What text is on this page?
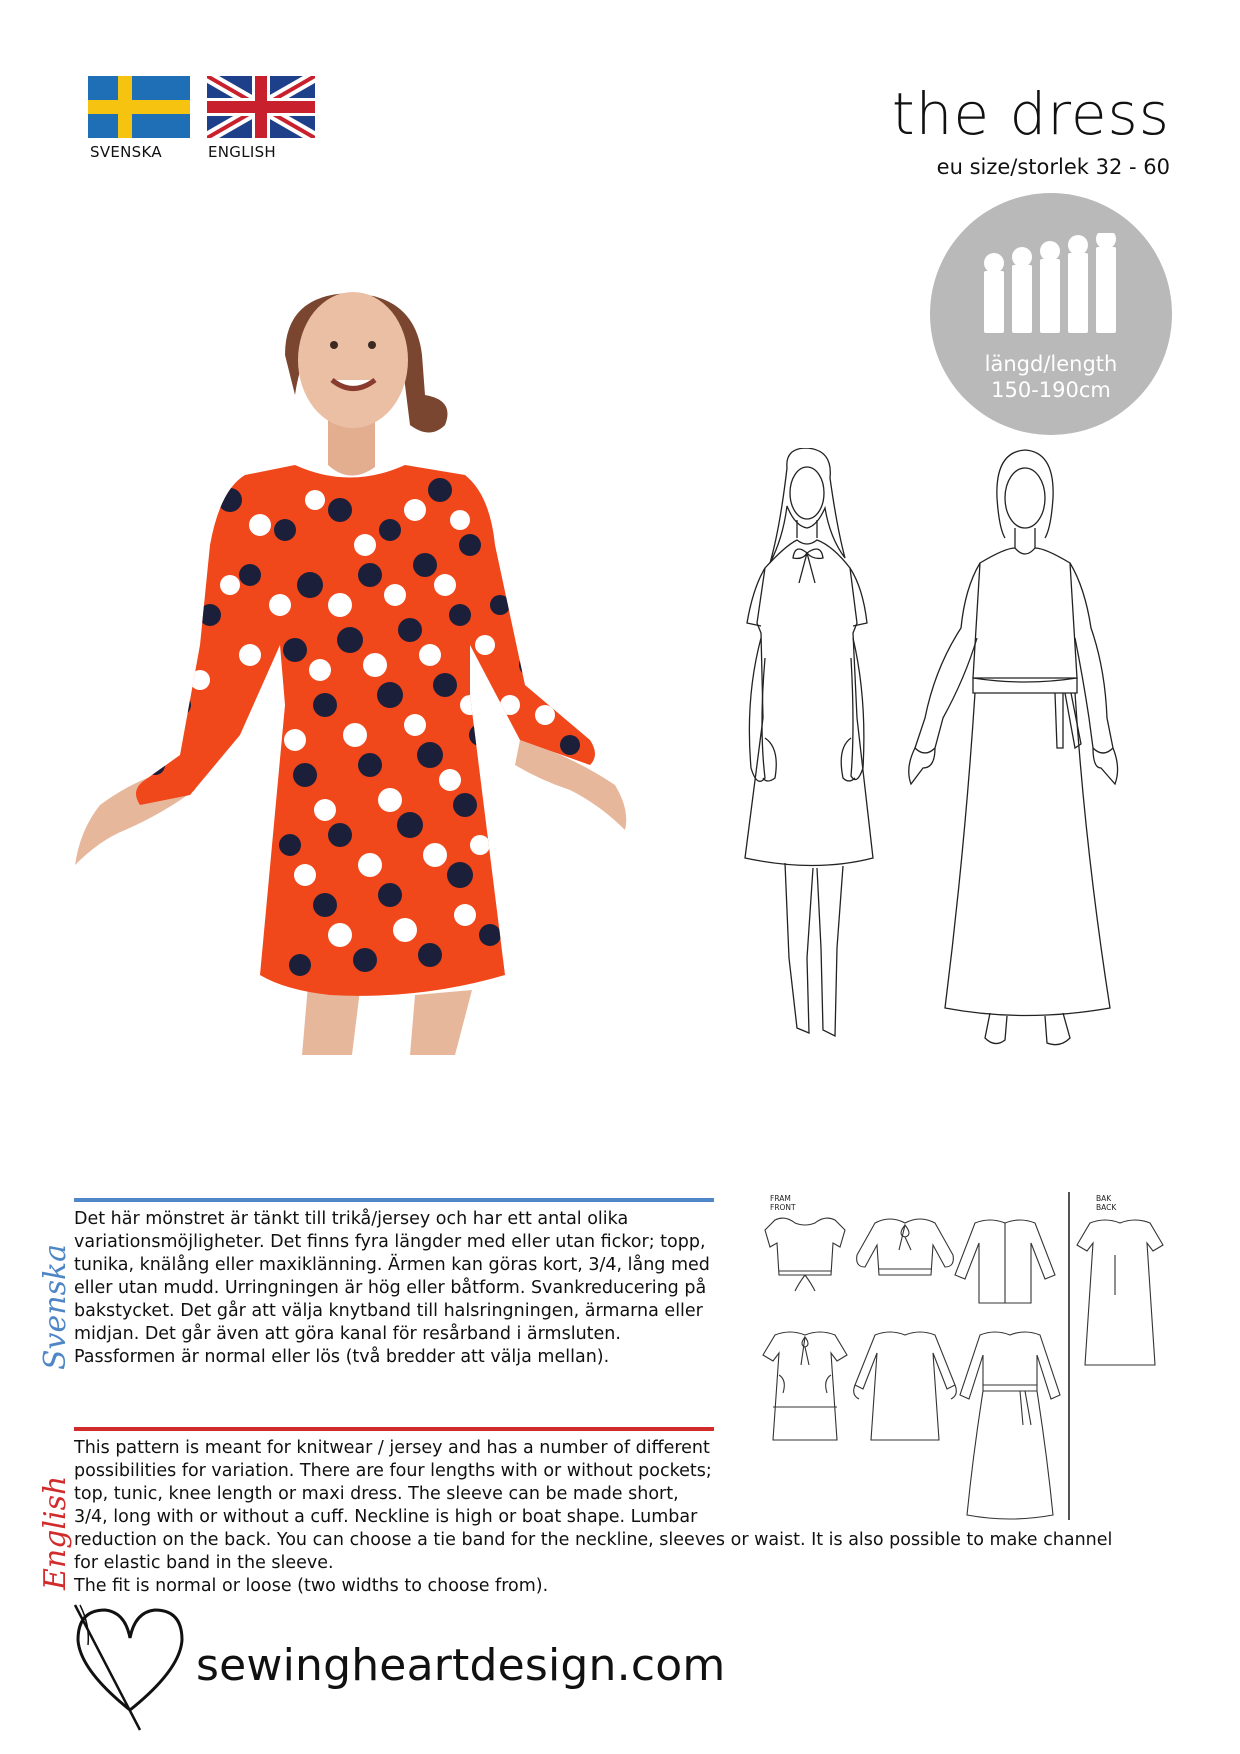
SVENSKA	ENGLISH
the dress
eu size/storlek 32 - 60
längd/length
150-190cm
Svenska

Det här mönstret är tänkt till trikå/jersey och har ett antal olika variationsmöjligheter. Det finns fyra längder med eller utan fickor; topp, tunika, knälång eller maxiklänning. Ärmen kan göras kort, 3/4, lång med eller utan mudd. Urringningen är hög eller båtform. Svankreducering på bakstycket. Det går att välja knytband till halsringningen, ärmarna eller midjan. Det går även att göra kanal för resårband i ärmsluten.

Passformen är normal eller lös (två bredder att välja mellan).

English

This pattern is meant for knitwear / jersey and has a number of different

possibilities for variation. There are four lengths with or without pockets;

top, tunic, knee length or maxi dress. The sleeve can be made short,

3/4, long with or without a cuff. Neckline is high or boat shape. Lumbar

reduction on the back. You can choose a tie band for the neckline, sleeves or waist. It is also possible to make channel

for elastic band in the sleeve.

The fit is normal or loose (two widths to choose from).

FRAM
FRONT
BAK
BACK
sewingheartdesign.com
